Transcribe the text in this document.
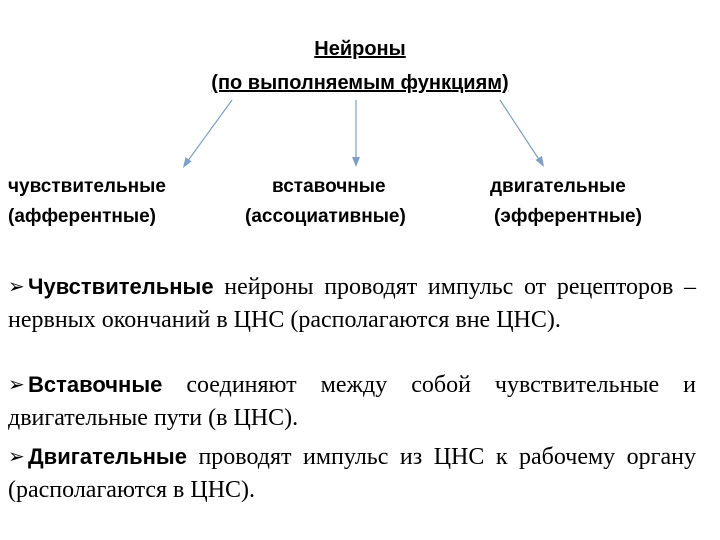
Нейроны
(по выполняемым функциям)
чувствительные
(афферентные)
вставочные
(ассоциативные)
двигательные
(эфферентные)
➢ Чувствительные нейроны проводят импульс от рецепторов – нервных окончаний в ЦНС (располагаются вне ЦНС).
➢ Вставочные соединяют между собой чувствительные и двигательные пути (в ЦНС).
➢ Двигательные проводят импульс из ЦНС к рабочему органу (располагаются в ЦНС).
